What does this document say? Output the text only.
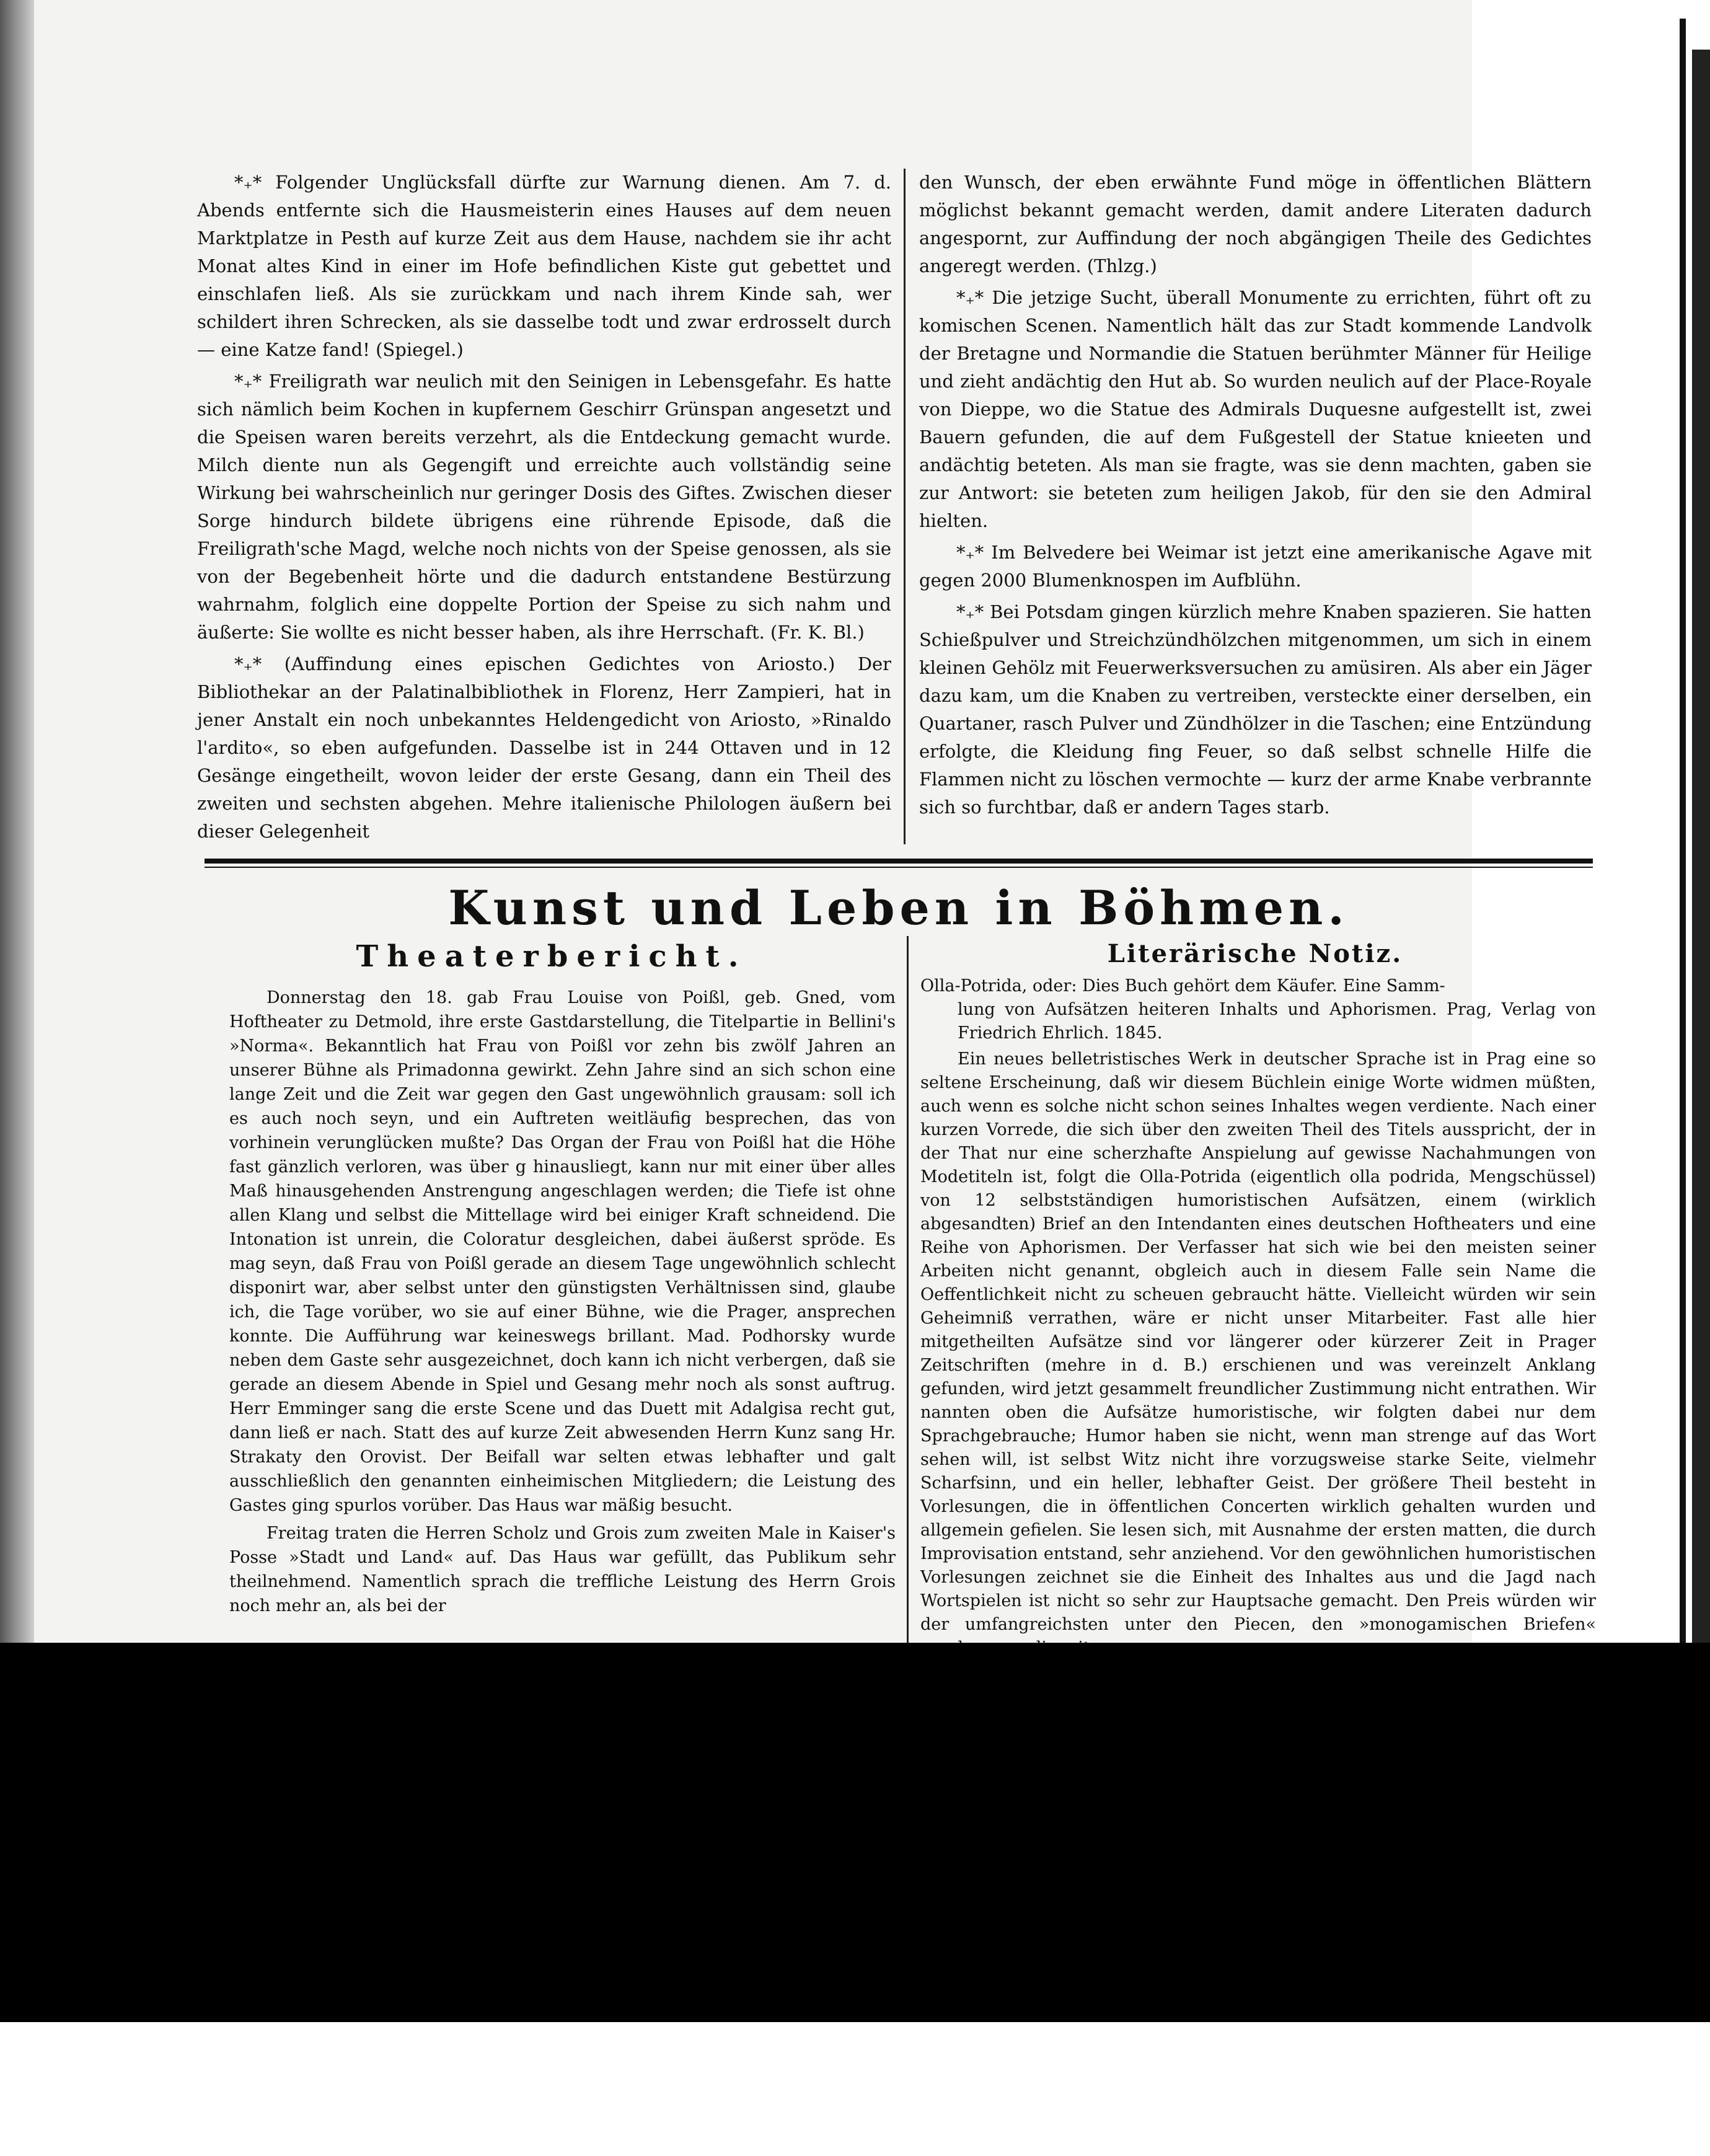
*₊* Folgender Unglücksfall dürfte zur Warnung dienen. Am 7. d. Abends entfernte sich die Hausmeisterin eines Hauses auf dem neuen Marktplatze in Pesth auf kurze Zeit aus dem Hause, nachdem sie ihr acht Monat altes Kind in einer im Hofe befindlichen Kiste gut gebettet und einschlafen ließ. Als sie zurückkam und nach ihrem Kinde sah, wer schildert ihren Schrecken, als sie dasselbe todt und zwar erdrosselt durch — eine Katze fand! (Spiegel.)

*₊* Freiligrath war neulich mit den Seinigen in Lebensgefahr. Es hatte sich nämlich beim Kochen in kupfernem Geschirr Grünspan angesetzt und die Speisen waren bereits verzehrt, als die Entdeckung gemacht wurde. Milch diente nun als Gegengift und erreichte auch vollständig seine Wirkung bei wahrscheinlich nur geringer Dosis des Giftes. Zwischen dieser Sorge hindurch bildete übrigens eine rührende Episode, daß die Freiligrath'sche Magd, welche noch nichts von der Speise genossen, als sie von der Begebenheit hörte und die dadurch entstandene Bestürzung wahrnahm, folglich eine doppelte Portion der Speise zu sich nahm und äußerte: Sie wollte es nicht besser haben, als ihre Herrschaft. (Fr. K. Bl.)

*₊* (Auffindung eines epischen Gedichtes von Ariosto.) Der Bibliothekar an der Palatinalbibliothek in Florenz, Herr Zampieri, hat in jener Anstalt ein noch unbekanntes Heldengedicht von Ariosto, »Rinaldo l'ardito«, so eben aufgefunden. Dasselbe ist in 244 Ottaven und in 12 Gesänge eingetheilt, wovon leider der erste Gesang, dann ein Theil des zweiten und sechsten abgehen. Mehre italienische Philologen äußern bei dieser Gelegenheit

den Wunsch, der eben erwähnte Fund möge in öffentlichen Blättern möglichst bekannt gemacht werden, damit andere Literaten dadurch angespornt, zur Auffindung der noch abgängigen Theile des Gedichtes angeregt werden. (Thlzg.)

*₊* Die jetzige Sucht, überall Monumente zu errichten, führt oft zu komischen Scenen. Namentlich hält das zur Stadt kommende Landvolk der Bretagne und Normandie die Statuen berühmter Männer für Heilige und zieht andächtig den Hut ab. So wurden neulich auf der Place-Royale von Dieppe, wo die Statue des Admirals Duquesne aufgestellt ist, zwei Bauern gefunden, die auf dem Fußgestell der Statue knieeten und andächtig beteten. Als man sie fragte, was sie denn machten, gaben sie zur Antwort: sie beteten zum heiligen Jakob, für den sie den Admiral hielten.

*₊* Im Belvedere bei Weimar ist jetzt eine amerikanische Agave mit gegen 2000 Blumenknospen im Aufblühn.

*₊* Bei Potsdam gingen kürzlich mehre Knaben spazieren. Sie hatten Schießpulver und Streichzündhölzchen mitgenommen, um sich in einem kleinen Gehölz mit Feuerwerksversuchen zu amüsiren. Als aber ein Jäger dazu kam, um die Knaben zu vertreiben, versteckte einer derselben, ein Quartaner, rasch Pulver und Zündhölzer in die Taschen; eine Entzündung erfolgte, die Kleidung fing Feuer, so daß selbst schnelle Hilfe die Flammen nicht zu löschen vermochte — kurz der arme Knabe verbrannte sich so furchtbar, daß er andern Tages starb.

Kunst und Leben in Böhmen.
Theaterbericht.	Literärische Notiz.

Donnerstag den 18. gab Frau Louise von Poißl, geb. Gned, vom Hoftheater zu Detmold, ihre erste Gastdarstellung, die Titelpartie in Bellini's »Norma«. Bekanntlich hat Frau von Poißl vor zehn bis zwölf Jahren an unserer Bühne als Primadonna gewirkt. Zehn Jahre sind an sich schon eine lange Zeit und die Zeit war gegen den Gast ungewöhnlich grausam: soll ich es auch noch seyn, und ein Auftreten weitläufig besprechen, das von vorhinein verunglücken mußte? Das Organ der Frau von Poißl hat die Höhe fast gänzlich verloren, was über g hinausliegt, kann nur mit einer über alles Maß hinausgehenden Anstrengung angeschlagen werden; die Tiefe ist ohne allen Klang und selbst die Mittellage wird bei einiger Kraft schneidend. Die Intonation ist unrein, die Coloratur desgleichen, dabei äußerst spröde. Es mag seyn, daß Frau von Poißl gerade an diesem Tage ungewöhnlich schlecht disponirt war, aber selbst unter den günstigsten Verhältnissen sind, glaube ich, die Tage vorüber, wo sie auf einer Bühne, wie die Prager, ansprechen konnte. Die Aufführung war keineswegs brillant. Mad. Podhorsky wurde neben dem Gaste sehr ausgezeichnet, doch kann ich nicht verbergen, daß sie gerade an diesem Abende in Spiel und Gesang mehr noch als sonst auftrug. Herr Emminger sang die erste Scene und das Duett mit Adalgisa recht gut, dann ließ er nach. Statt des auf kurze Zeit abwesenden Herrn Kunz sang Hr. Strakaty den Orovist. Der Beifall war selten etwas lebhafter und galt ausschließlich den genannten einheimischen Mitgliedern; die Leistung des Gastes ging spurlos vorüber. Das Haus war mäßig besucht.

Freitag traten die Herren Scholz und Grois zum zweiten Male in Kaiser's Posse »Stadt und Land« auf. Das Haus war gefüllt, das Publikum sehr theilnehmend. Namentlich sprach die treffliche Leistung des Herrn Grois noch mehr an, als bei der

Olla-Potrida, oder: Dies Buch gehört dem Käufer. Eine Samm-

lung von Aufsätzen heiteren Inhalts und Aphorismen. Prag, Verlag von Friedrich Ehrlich. 1845.

Ein neues belletristisches Werk in deutscher Sprache ist in Prag eine so seltene Erscheinung, daß wir diesem Büchlein einige Worte widmen müßten, auch wenn es solche nicht schon seines Inhaltes wegen verdiente. Nach einer kurzen Vorrede, die sich über den zweiten Theil des Titels ausspricht, der in der That nur eine scherzhafte Anspielung auf gewisse Nachahmungen von Modetiteln ist, folgt die Olla-Potrida (eigentlich olla podrida, Mengschüssel) von 12 selbstständigen humoristischen Aufsätzen, einem (wirklich abgesandten) Brief an den Intendanten eines deutschen Hoftheaters und eine Reihe von Aphorismen. Der Verfasser hat sich wie bei den meisten seiner Arbeiten nicht genannt, obgleich auch in diesem Falle sein Name die Oeffentlichkeit nicht zu scheuen gebraucht hätte. Vielleicht würden wir sein Geheimniß verrathen, wäre er nicht unser Mitarbeiter. Fast alle hier mitgetheilten Aufsätze sind vor längerer oder kürzerer Zeit in Prager Zeitschriften (mehre in d. B.) erschienen und was vereinzelt Anklang gefunden, wird jetzt gesammelt freundlicher Zustimmung nicht entrathen. Wir nannten oben die Aufsätze humoristische, wir folgten dabei nur dem Sprachgebrauche; Humor haben sie nicht, wenn man strenge auf das Wort sehen will, ist selbst Witz nicht ihre vorzugsweise starke Seite, vielmehr Scharfsinn, und ein heller, lebhafter Geist. Der größere Theil besteht in Vorlesungen, die in öffentlichen Concerten wirklich gehalten wurden und allgemein gefielen. Sie lesen sich, mit Ausnahme der ersten matten, die durch Improvisation entstand, sehr anziehend. Vor den gewöhnlichen humoristischen Vorlesungen zeichnet sie die Einheit des Inhaltes aus und die Jagd nach Wortspielen ist nicht so sehr zur Hauptsache gemacht. Den Preis würden wir der umfangreichsten unter den Piecen, den »monogamischen Briefen«
